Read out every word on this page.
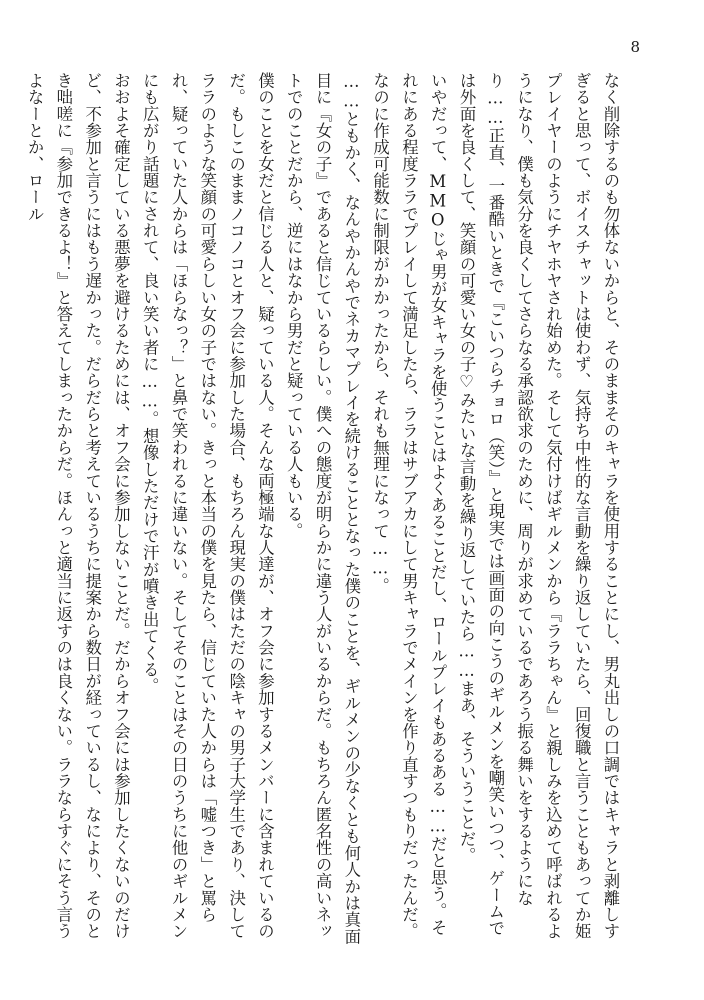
8

なく削除するのも勿体ないからと、そのままそのキャラを使用することにし、男丸出しの口調ではキャラと剥離しすぎると思って、ボイスチャットは使わず、気持ち中性的な言動を繰り返していたら、回復職と言うこともあってか姫プレイヤーのようにチヤホヤされ始めた。そして気付けばギルメンから『ララちゃん』と親しみを込めて呼ばれるようになり、僕も気分を良くしてさらなる承認欲求のために、周りが求めているであろう振る舞いをするようになり……正直、一番酷いときで『こいつらチョロ（笑）』と現実では画面の向こうのギルメンを嘲笑いつつ、ゲームでは外面を良くして、笑顔の可愛い女の子♡みたいな言動を繰り返していたら……まあ、そういうことだ。

いやだって、MMOじゃ男が女キャラを使うことはよくあることだし、ロールプレイもあるある……だと思う。それにある程度ララでプレイして満足したら、ララはサブアカにして男キャラでメインを作り直すつもりだったんだ。なのに作成可能数に制限がかかったから、それも無理になって……。

……ともかく、なんやかんやでネカマプレイを続けることとなった僕のことを、ギルメンの少なくとも何人かは真面目に『女の子』であると信じているらしい。僕への態度が明らかに違う人がいるからだ。もちろん匿名性の高いネットでのことだから、逆にはなから男だと疑っている人もいる。

僕のことを女だと信じる人と、疑っている人。そんな両極端な人達が、オフ会に参加するメンバーに含まれているのだ。もしこのままノコノコとオフ会に参加した場合、もちろん現実の僕はただの陰キャの男子大学生であり、決してララのような笑顔の可愛らしい女の子ではない。きっと本当の僕を見たら、信じていた人からは「嘘つき」と罵られ、疑っていた人からは「ほらなっ？」と鼻で笑われるに違いない。そしてそのことはその日のうちに他のギルメンにも広がり話題にされて、良い笑い者に……。想像しただけで汗が噴き出てくる。

おおよそ確定している悪夢を避けるためには、オフ会に参加しないことだ。だからオフ会には参加したくないのだけど、不参加と言うにはもう遅かった。だらだらと考えているうちに提案から数日が経っているし、なにより、そのとき咄嗟に『参加できるよ！』と答えてしまったからだ。ほんっと適当に返すのは良くない。ララならすぐにそう言うよなーとか、ロール
